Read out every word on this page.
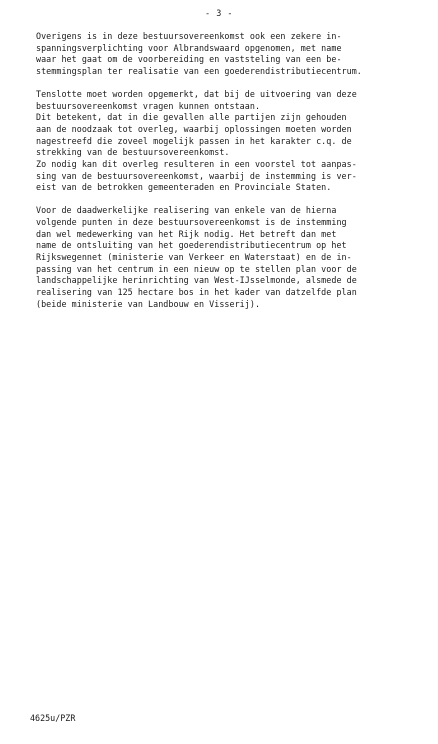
- 3 -
Overigens is in deze bestuursovereenkomst ook een zekere in-
spanningsverplichting voor Albrandswaard opgenomen, met name
waar het gaat om de voorbereiding en vaststeling van een be-
stemmingsplan ter realisatie van een goederendistributiecentrum.
Tenslotte moet worden opgemerkt, dat bij de uitvoering van deze
bestuursovereenkomst vragen kunnen ontstaan.
Dit betekent, dat in die gevallen alle partijen zijn gehouden
aan de noodzaak tot overleg, waarbij oplossingen moeten worden
nagestreefd die zoveel mogelijk passen in het karakter c.q. de
strekking van de bestuursovereenkomst.
Zo nodig kan dit overleg resulteren in een voorstel tot aanpas-
sing van de bestuursovereenkomst, waarbij de instemming is ver-
eist van de betrokken gemeenteraden en Provinciale Staten.
Voor de daadwerkelijke realisering van enkele van de hierna
volgende punten in deze bestuursovereenkomst is de instemming
dan wel medewerking van het Rijk nodig. Het betreft dan met
name de ontsluiting van het goederendistributiecentrum op het
Rijkswegennet (ministerie van Verkeer en Waterstaat) en de in-
passing van het centrum in een nieuw op te stellen plan voor de
landschappelijke herinrichting van West-IJsselmonde, alsmede de
realisering van 125 hectare bos in het kader van datzelfde plan
(beide ministerie van Landbouw en Visserij).
4625u/PZR
